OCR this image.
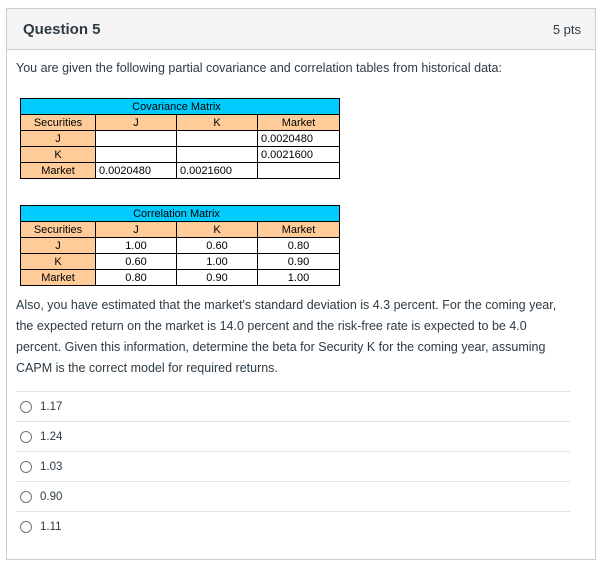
Question 5	5 pts
You are given the following partial covariance and correlation tables from historical data:
	Covariance Matrix		
Securities	J	K	Market
J			0.0020480
K			0.0021600
Market	0.0020480	0.0021600	
	Correlation Matrix		
Securities	J	K	Market
J	1.00	0.60	0.80
K	0.60	1.00	0.90
Market	0.80	0.90	1.00
Also, you have estimated that the market's standard deviation is 4.3 percent. For the coming year, the expected return on the market is 14.0 percent and the risk-free rate is expected to be 4.0 percent. Given this information, determine the beta for Security K for the coming year, assuming CAPM is the correct model for required returns.
1.17
1.24
1.03
0.90
1.11
